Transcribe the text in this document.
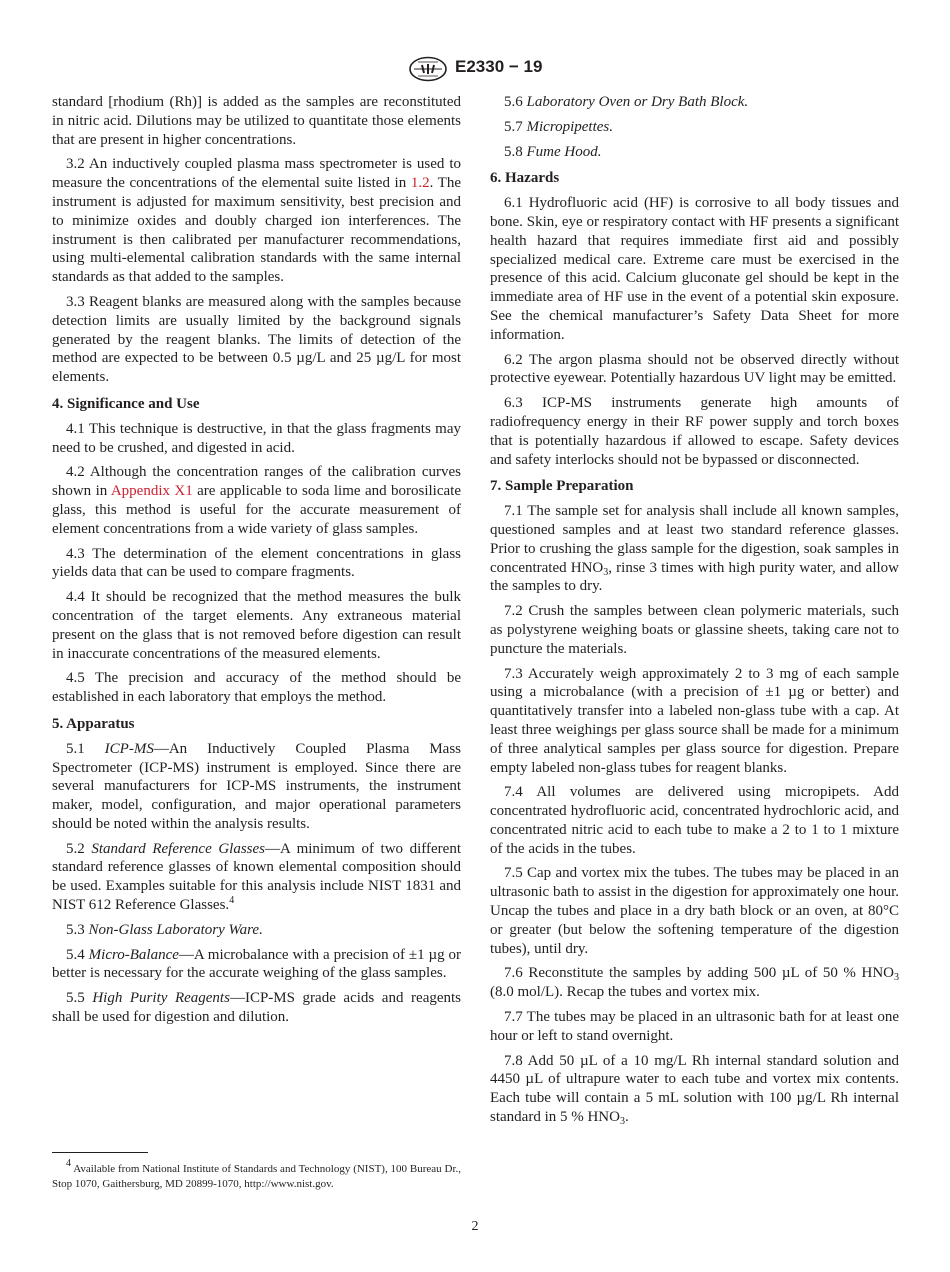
E2330 − 19

standard [rhodium (Rh)] is added as the samples are reconstituted in nitric acid. Dilutions may be utilized to quantitate those elements that are present in higher concentrations.

3.2 An inductively coupled plasma mass spectrometer is used to measure the concentrations of the elemental suite listed in 1.2. The instrument is adjusted for maximum sensitivity, best precision and to minimize oxides and doubly charged ion interferences. The instrument is then calibrated per manufacturer recommendations, using multi-elemental calibration standards with the same internal standards as that added to the samples.

3.3 Reagent blanks are measured along with the samples because detection limits are usually limited by the background signals generated by the reagent blanks. The limits of detection of the method are expected to be between 0.5 µg/L and 25 µg/L for most elements.

4. Significance and Use

4.1 This technique is destructive, in that the glass fragments may need to be crushed, and digested in acid.

4.2 Although the concentration ranges of the calibration curves shown in Appendix X1 are applicable to soda lime and borosilicate glass, this method is useful for the accurate measurement of element concentrations from a wide variety of glass samples.

4.3 The determination of the element concentrations in glass yields data that can be used to compare fragments.

4.4 It should be recognized that the method measures the bulk concentration of the target elements. Any extraneous material present on the glass that is not removed before digestion can result in inaccurate concentrations of the measured elements.

4.5 The precision and accuracy of the method should be established in each laboratory that employs the method.

5. Apparatus

5.1 ICP-MS—An Inductively Coupled Plasma Mass Spectrometer (ICP-MS) instrument is employed. Since there are several manufacturers for ICP-MS instruments, the instrument maker, model, configuration, and major operational parameters should be noted within the analysis results.

5.2 Standard Reference Glasses—A minimum of two different standard reference glasses of known elemental composition should be used. Examples suitable for this analysis include NIST 1831 and NIST 612 Reference Glasses.$^4$

5.3 Non-Glass Laboratory Ware.

5.4 Micro-Balance—A microbalance with a precision of ±1 µg or better is necessary for the accurate weighing of the glass samples.

5.5 High Purity Reagents—ICP-MS grade acids and reagents shall be used for digestion and dilution.

5.6 Laboratory Oven or Dry Bath Block.

5.7 Micropipettes.

5.8 Fume Hood.

6. Hazards

6.1 Hydrofluoric acid (HF) is corrosive to all body tissues and bone. Skin, eye or respiratory contact with HF presents a significant health hazard that requires immediate first aid and possibly specialized medical care. Extreme care must be exercised in the presence of this acid. Calcium gluconate gel should be kept in the immediate area of HF use in the event of a potential skin exposure. See the chemical manufacturer’s Safety Data Sheet for more information.

6.2 The argon plasma should not be observed directly without protective eyewear. Potentially hazardous UV light may be emitted.

6.3 ICP-MS instruments generate high amounts of radiofrequency energy in their RF power supply and torch boxes that is potentially hazardous if allowed to escape. Safety devices and safety interlocks should not be bypassed or disconnected.

7. Sample Preparation

7.1 The sample set for analysis shall include all known samples, questioned samples and at least two standard reference glasses. Prior to crushing the glass sample for the digestion, soak samples in concentrated $HNO_3$, rinse 3 times with high purity water, and allow the samples to dry.

7.2 Crush the samples between clean polymeric materials, such as polystyrene weighing boats or glassine sheets, taking care not to puncture the materials.

7.3 Accurately weigh approximately 2 to 3 mg of each sample using a microbalance (with a precision of ±1 µg or better) and quantitatively transfer into a labeled non-glass tube with a cap. At least three weighings per glass source shall be made for a minimum of three analytical samples per glass source for digestion. Prepare empty labeled non-glass tubes for reagent blanks.

7.4 All volumes are delivered using micropipets. Add concentrated hydrofluoric acid, concentrated hydrochloric acid, and concentrated nitric acid to each tube to make a 2 to 1 to 1 mixture of the acids in the tubes.

7.5 Cap and vortex mix the tubes. The tubes may be placed in an ultrasonic bath to assist in the digestion for approximately one hour. Uncap the tubes and place in a dry bath block or an oven, at 80°C or greater (but below the softening temperature of the digestion tubes), until dry.

7.6 Reconstitute the samples by adding 500 µL of 50 % $HNO_3$ (8.0 mol/L). Recap the tubes and vortex mix.

7.7 The tubes may be placed in an ultrasonic bath for at least one hour or left to stand overnight.

7.8 Add 50 µL of a 10 mg/L Rh internal standard solution and 4450 µL of ultrapure water to each tube and vortex mix contents. Each tube will contain a 5 mL solution with 100 µg/L Rh internal standard in 5 % $HNO_3$.

$^4$ Available from National Institute of Standards and Technology (NIST), 100 Bureau Dr., Stop 1070, Gaithersburg, MD 20899-1070, http://www.nist.gov.
2
